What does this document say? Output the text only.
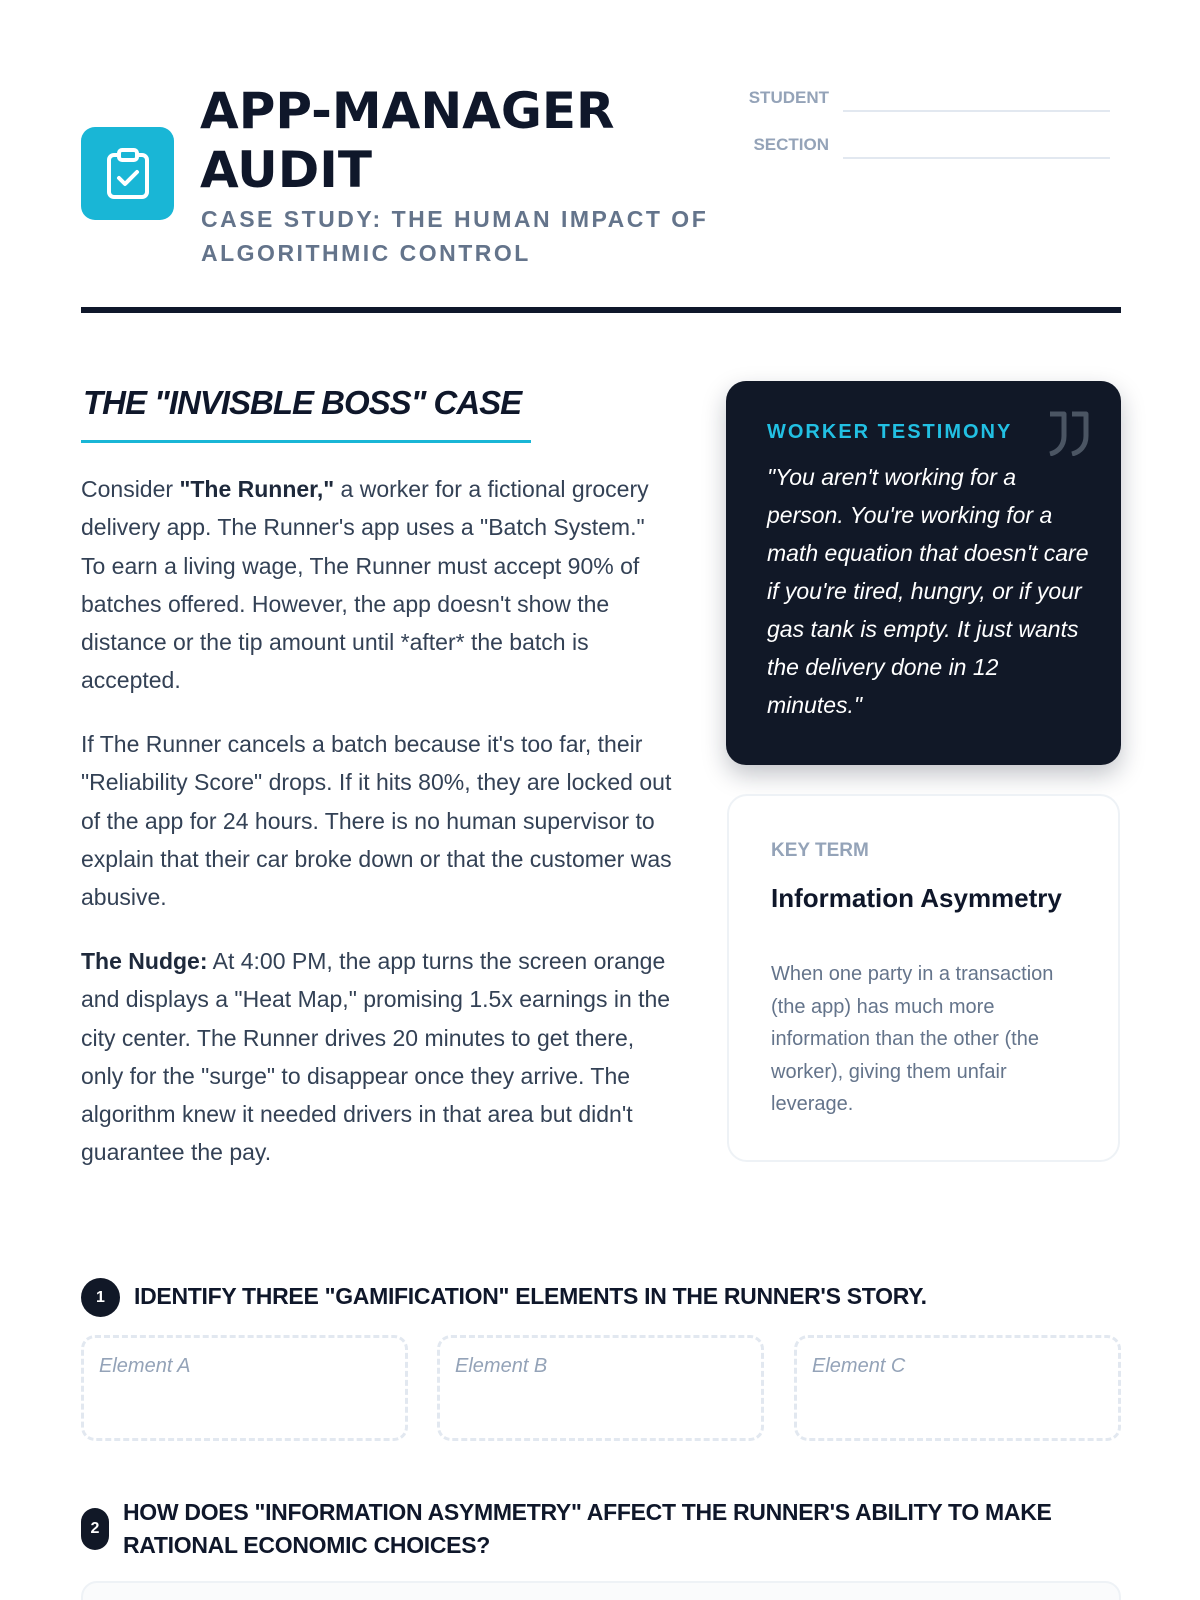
APP-MANAGER
AUDIT
CASE STUDY: THE HUMAN IMPACT OF ALGORITHMIC CONTROL
STUDENT
SECTION
THE "INVISBLE BOSS" CASE
Consider "The Runner," a worker for a fictional grocery delivery app. The Runner's app uses a "Batch System." To earn a living wage, The Runner must accept 90% of batches offered. However, the app doesn't show the distance or the tip amount until *after* the batch is accepted.
If The Runner cancels a batch because it's too far, their "Reliability Score" drops. If it hits 80%, they are locked out of the app for 24 hours. There is no human supervisor to explain that their car broke down or that the customer was abusive.
The Nudge: At 4:00 PM, the app turns the screen orange and displays a "Heat Map," promising 1.5x earnings in the city center. The Runner drives 20 minutes to get there, only for the "surge" to disappear once they arrive. The algorithm knew it needed drivers in that area but didn't guarantee the pay.
WORKER TESTIMONY
"You aren't working for a person. You're working for a math equation that doesn't care if you're tired, hungry, or if your gas tank is empty. It just wants the delivery done in 12 minutes."
KEY TERM
Information Asymmetry
When one party in a transaction (the app) has much more information than the other (the worker), giving them unfair leverage.
1	IDENTIFY THREE "GAMIFICATION" ELEMENTS IN THE RUNNER'S STORY.
Element A	Element B	Element C
2
HOW DOES "INFORMATION ASYMMETRY" AFFECT THE RUNNER'S ABILITY TO MAKE
RATIONAL ECONOMIC CHOICES?
